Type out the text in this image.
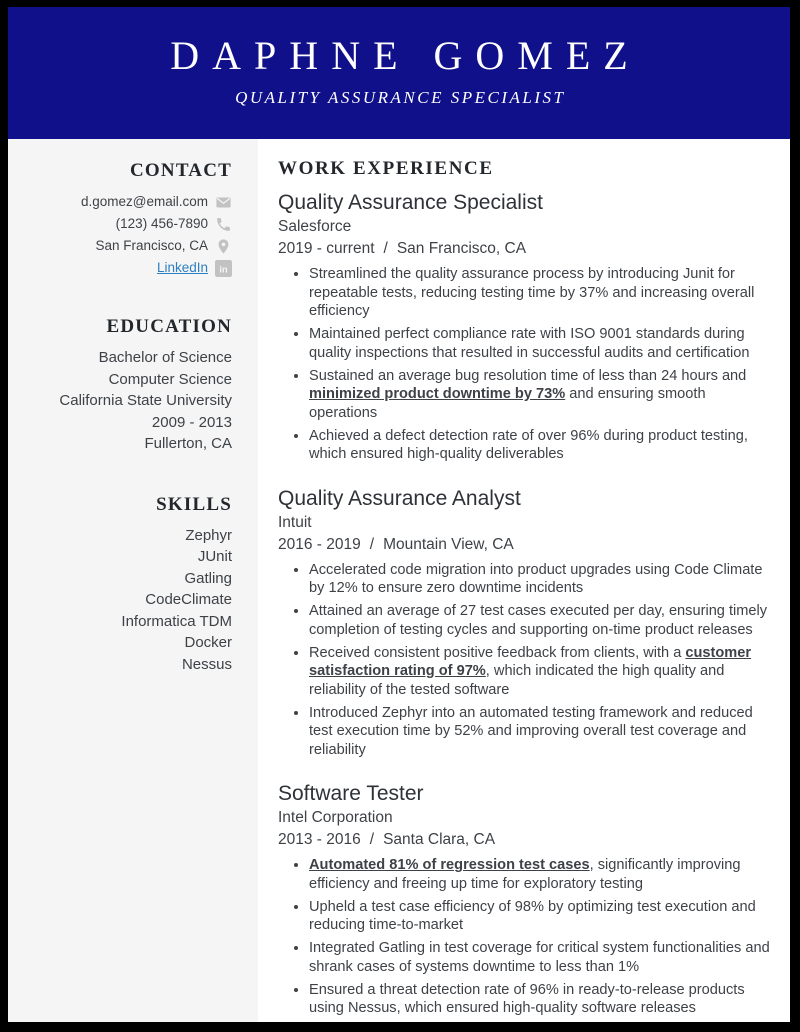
DAPHNE GOMEZ
QUALITY ASSURANCE SPECIALIST
CONTACT
d.gomez@email.com
(123) 456-7890
San Francisco, CA
LinkedIn in
EDUCATION
Bachelor of Science
Computer Science
California State University
2009 - 2013
Fullerton, CA
SKILLS
Zephyr
JUnit
Gatling
CodeClimate
Informatica TDM
Docker
Nessus
WORK EXPERIENCE
Quality Assurance Specialist
Salesforce
2019 - current / San Francisco, CA
• Streamlined the quality assurance process by introducing Junit for repeatable tests, reducing testing time by 37% and increasing overall efficiency
• Maintained perfect compliance rate with ISO 9001 standards during quality inspections that resulted in successful audits and certification
• Sustained an average bug resolution time of less than 24 hours and minimized product downtime by 73% and ensuring smooth operations
• Achieved a defect detection rate of over 96% during product testing, which ensured high-quality deliverables
Quality Assurance Analyst
Intuit
2016 - 2019 / Mountain View, CA
• Accelerated code migration into product upgrades using Code Climate by 12% to ensure zero downtime incidents
• Attained an average of 27 test cases executed per day, ensuring timely completion of testing cycles and supporting on-time product releases
• Received consistent positive feedback from clients, with a customer satisfaction rating of 97%, which indicated the high quality and reliability of the tested software
• Introduced Zephyr into an automated testing framework and reduced test execution time by 52% and improving overall test coverage and reliability
Software Tester
Intel Corporation
2013 - 2016 / Santa Clara, CA
• Automated 81% of regression test cases, significantly improving efficiency and freeing up time for exploratory testing
• Upheld a test case efficiency of 98% by optimizing test execution and reducing time-to-market
• Integrated Gatling in test coverage for critical system functionalities and shrank cases of systems downtime to less than 1%
• Ensured a threat detection rate of 96% in ready-to-release products using Nessus, which ensured high-quality software releases
